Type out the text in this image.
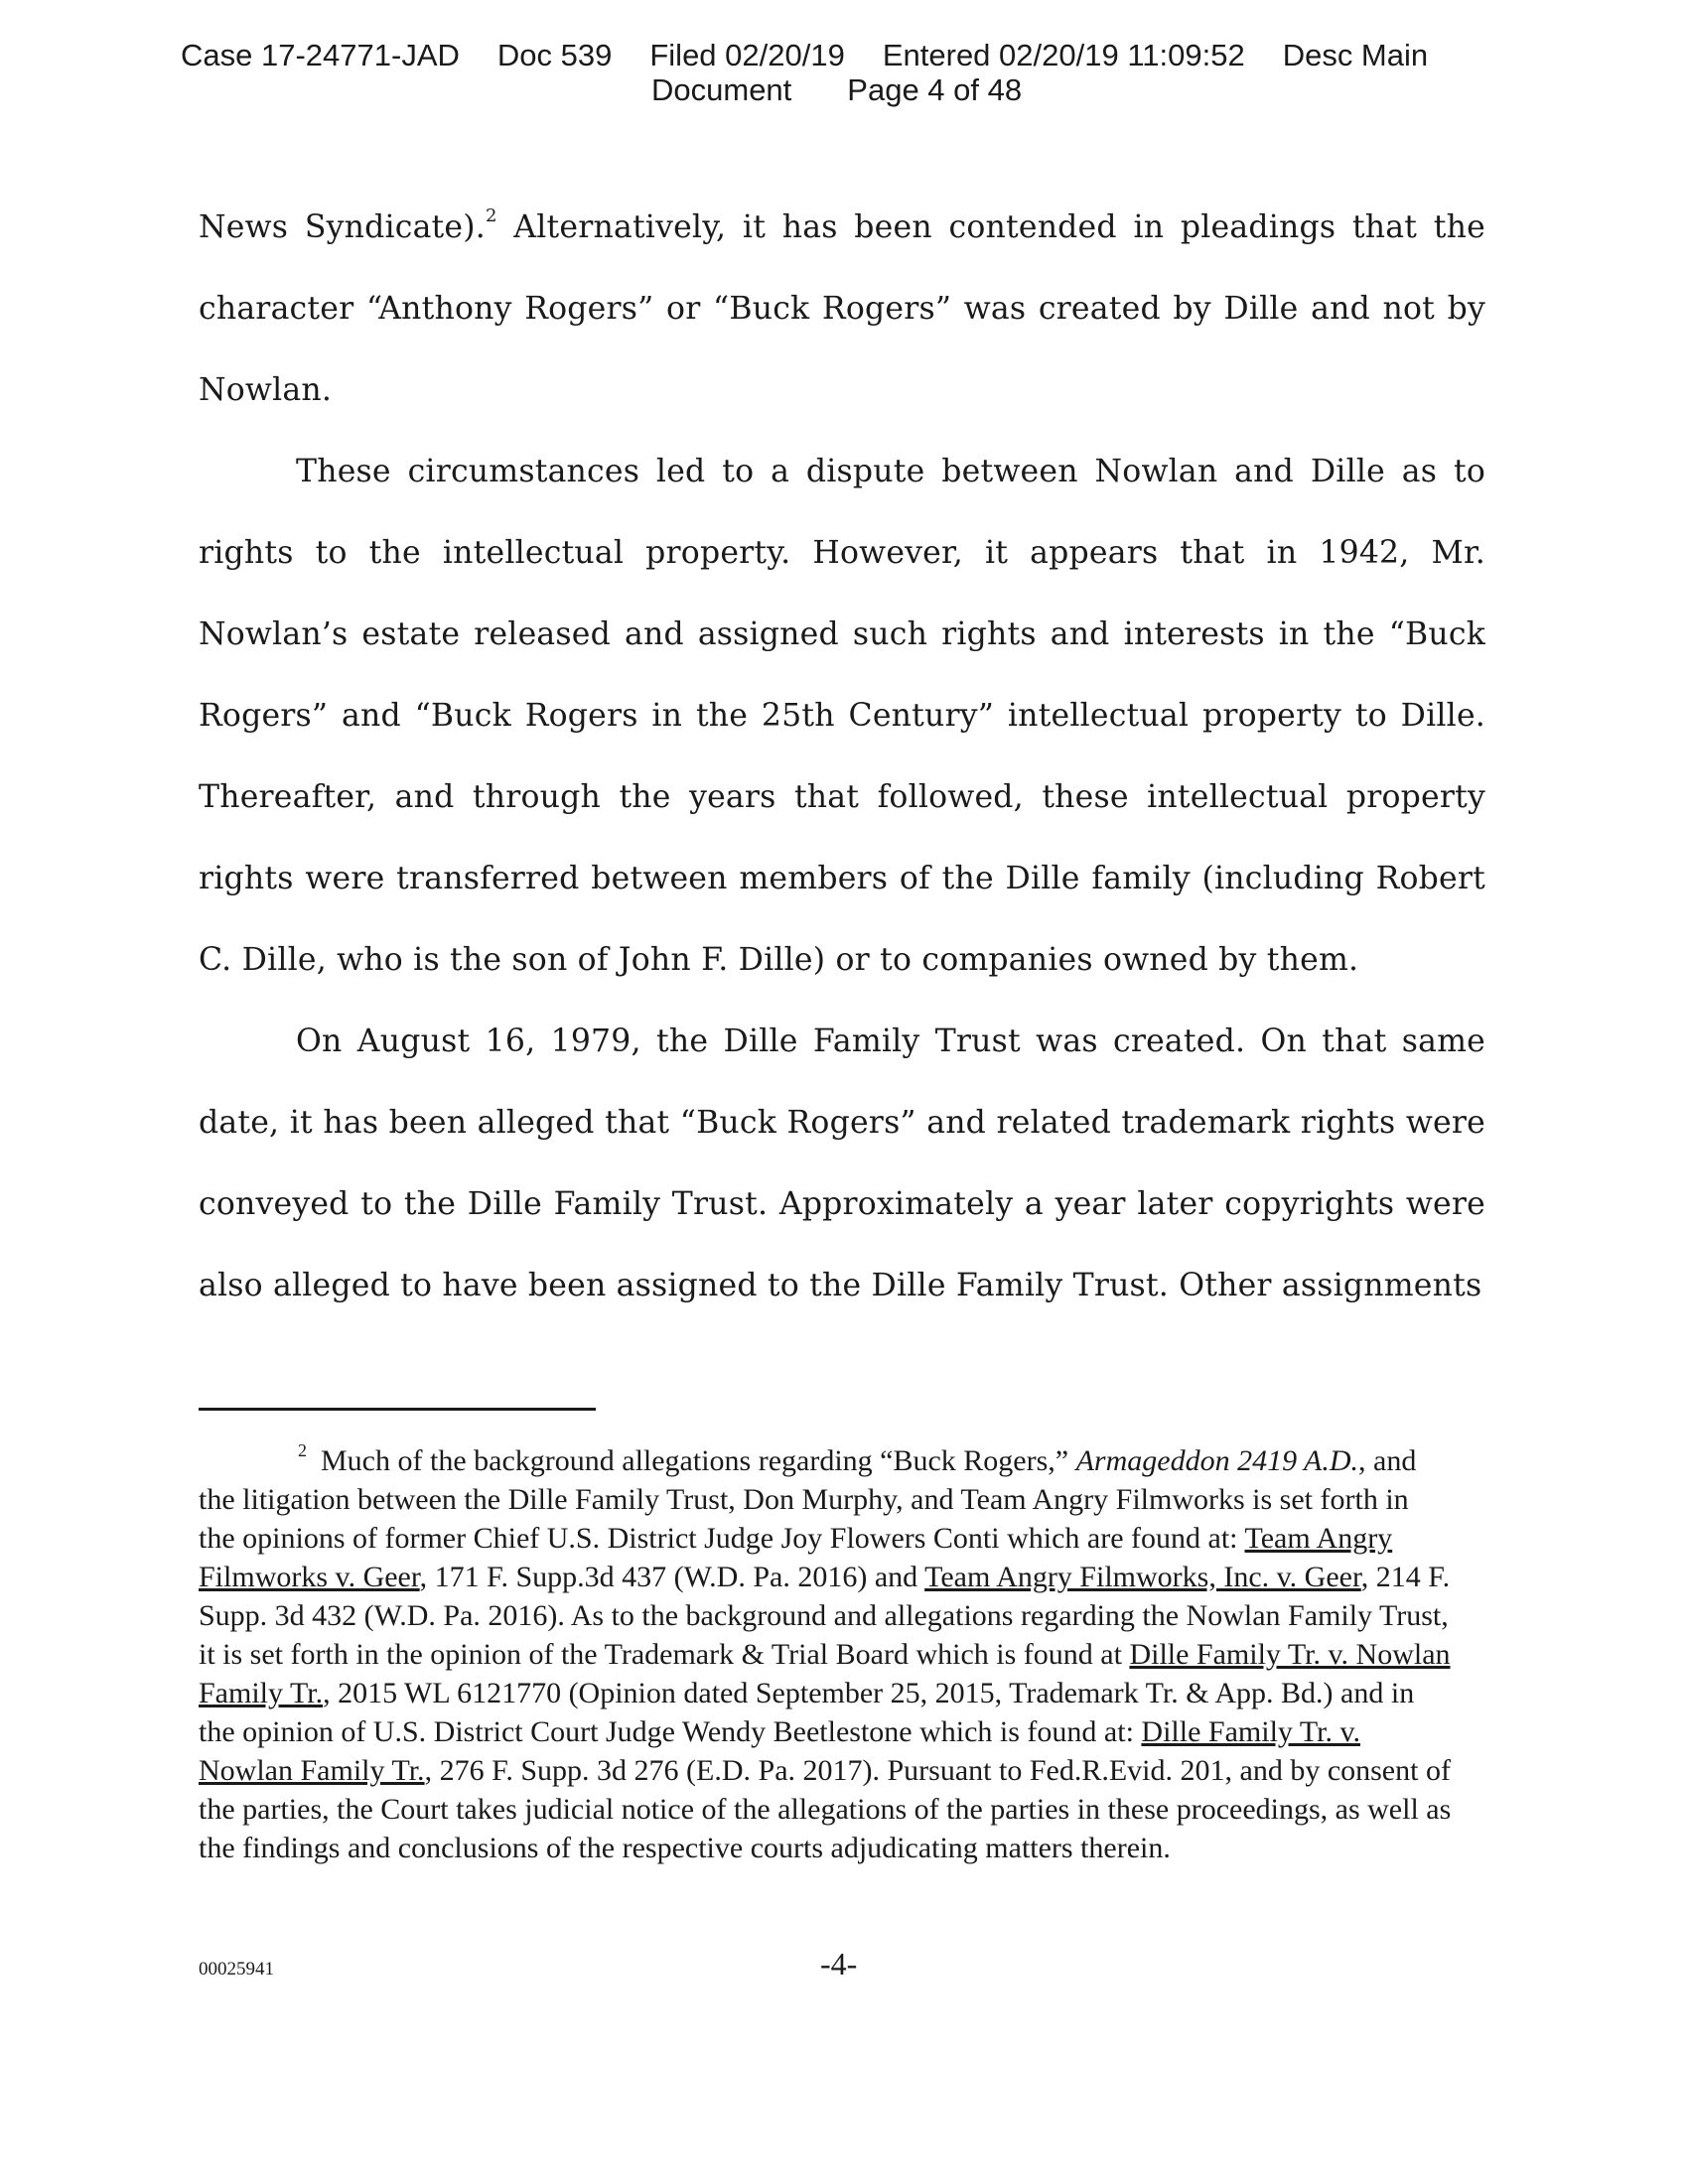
Case 17-24771-JAD Doc 539 Filed 02/20/19 Entered 02/20/19 11:09:52 Desc Main
Document Page 4 of 48

News Syndicate).$^2$ Alternatively, it has been contended in pleadings that the character “Anthony Rogers” or “Buck Rogers” was created by Dille and not by Nowlan.

These circumstances led to a dispute between Nowlan and Dille as to rights to the intellectual property. However, it appears that in 1942, Mr. Nowlan’s estate released and assigned such rights and interests in the “Buck Rogers” and “Buck Rogers in the 25th Century” intellectual property to Dille. Thereafter, and through the years that followed, these intellectual property rights were transferred between members of the Dille family (including Robert C. Dille, who is the son of John F. Dille) or to companies owned by them.

On August 16, 1979, the Dille Family Trust was created. On that same date, it has been alleged that “Buck Rogers” and related trademark rights were conveyed to the Dille Family Trust. Approximately a year later copyrights were also alleged to have been assigned to the Dille Family Trust. Other assignments

$^2$ Much of the background allegations regarding “Buck Rogers,” Armageddon 2419 A.D., and the litigation between the Dille Family Trust, Don Murphy, and Team Angry Filmworks is set forth in the opinions of former Chief U.S. District Judge Joy Flowers Conti which are found at: Team Angry Filmworks v. Geer, 171 F. Supp.3d 437 (W.D. Pa. 2016) and Team Angry Filmworks, Inc. v. Geer, 214 F. Supp. 3d 432 (W.D. Pa. 2016). As to the background and allegations regarding the Nowlan Family Trust, it is set forth in the opinion of the Trademark & Trial Board which is found at Dille Family Tr. v. Nowlan Family Tr., 2015 WL 6121770 (Opinion dated September 25, 2015, Trademark Tr. & App. Bd.) and in the opinion of U.S. District Court Judge Wendy Beetlestone which is found at: Dille Family Tr. v. Nowlan Family Tr., 276 F. Supp. 3d 276 (E.D. Pa. 2017). Pursuant to Fed.R.Evid. 201, and by consent of the parties, the Court takes judicial notice of the allegations of the parties in these proceedings, as well as the findings and conclusions of the respective courts adjudicating matters therein.

00025941	-4-
